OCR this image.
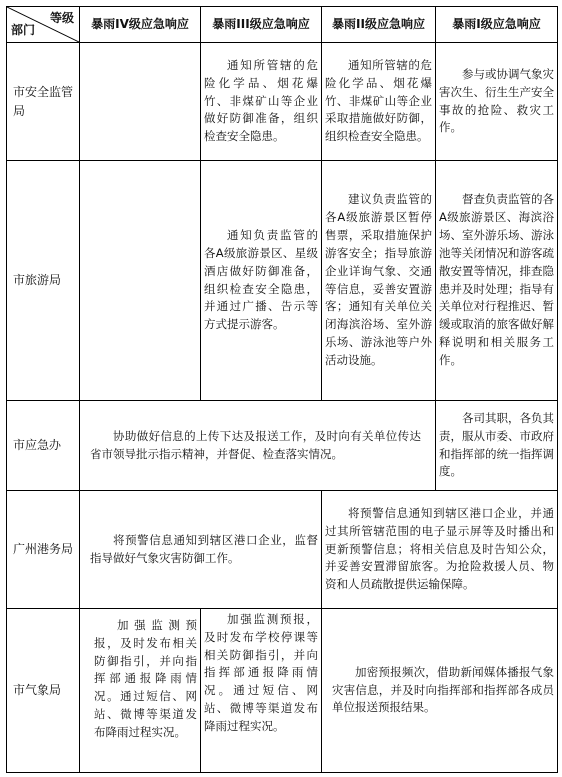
等级
部门	暴雨IV级应急响应	暴雨III级应急响应	暴雨II级应急响应	暴雨I级应急响应
市安全监管局		通知所管辖的危险化学品、烟花爆竹、非煤矿山等企业做好防御准备，组织检查安全隐患。	通知所管辖的危险化学品、烟花爆竹、非煤矿山等企业采取措施做好防御，组织检查安全隐患。	参与或协调气象灾害次生、衍生生产安全事故的抢险、救灾工作。
市旅游局		通知负责监管的各A级旅游景区、星级酒店做好防御准备，组织检查安全隐患，并通过广播、告示等方式提示游客。	建议负责监管的各A级旅游景区暂停售票，采取措施保护游客安全；指导旅游企业详询气象、交通等信息，妥善安置游客；通知有关单位关闭海滨浴场、室外游乐场、游泳池等户外活动设施。	督查负责监管的各A级旅游景区、海滨浴场、室外游乐场、游泳池等关闭情况和游客疏散安置等情况，排查隐患并及时处理；指导有关单位对行程推迟、暂缓或取消的旅客做好解释说明和相关服务工作。
市应急办	协助做好信息的上传下达及报送工作，及时向有关单位传达省市领导批示指示精神，并督促、检查落实情况。			各司其职，各负其责，服从市委、市政府和指挥部的统一指挥调度。
广州港务局	将预警信息通知到辖区港口企业，监督指导做好气象灾害防御工作。		将预警信息通知到辖区港口企业，并通过其所管辖范围的电子显示屏等及时播出和更新预警信息；将相关信息及时告知公众，并妥善安置滞留旅客。为抢险救援人员、物资和人员疏散提供运输保障。	
市气象局	加强监测预报，及时发布相关防御指引，并向指挥部通报降雨情况。通过短信、网站、微博等渠道发布降雨过程实况。	加强监测预报，及时发布学校停课等相关防御指引，并向指挥部通报降雨情况。通过短信、网站、微博等渠道发布降雨过程实况。	加密预报频次，借助新闻媒体播报气象灾害信息，并及时向指挥部和指挥部各成员单位报送预报结果。	
